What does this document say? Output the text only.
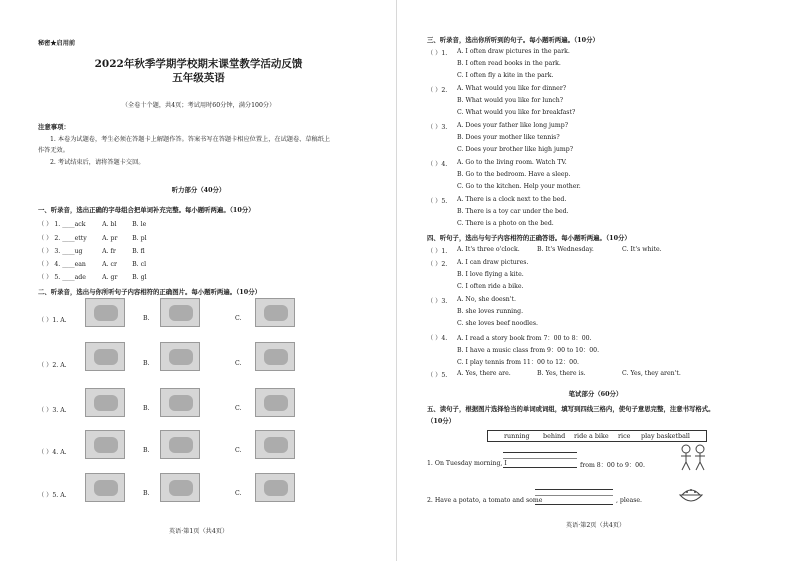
秘密★启用前
2022年秋季学期学校期末课堂教学活动反馈
五年级英语
（全卷十个题，共4页；考试用时60分钟，满分100分）
注意事项：
1. 本卷为试题卷，考生必须在答题卡上解题作答。答案书写在答题卡相应位置上，在试题卷、草稿纸上
作答无效。
2. 考试结束后，请将答题卡交回。
听力部分（40分）
一、听录音，选出正确的字母组合把单词补充完整。每小题听两遍。（10分）
（ ） 1. ____ack	A. bl	B. le
（ ） 2. ____etty A. pr B. pl
（ ） 3. ____ug	A. fr	B. fl
（ ） 4. ____ean	A. cr B. cl
（ ） 5. ____ade	A. gr B. gl
二、听录音，选出与你所听句子内容相符的正确图片。每小题听两遍。（10分）
（ ）1. A.	B.	C.
（ ）2. A.	B.	C.
（ ）3. A.	B.	C.
（ ）4. A.	B.	C.
（ ）5. A.	B.	C.
英语·第1页（共4页）
三、听录音，选出你所听到的句子。每小题听两遍。（10分）
（ ）1. A. I often draw pictures in the park.
B. I often read books in the park.
C. I often fly a kite in the park.
（ ）2. A. What would you like for dinner?
B. What would you like for lunch?
C. What would you like for breakfast?
（ ）3. A. Does your father like long jump?
B. Does your mother like tennis?
C. Does your brother like high jump?
（ ）4. A. Go to the living room. Watch TV.
B. Go to the bedroom. Have a sleep.
C. Go to the kitchen. Help your mother.
（ ）5. A. There is a clock next to the bed.
B. There is a toy car under the bed.
C. There is a photo on the bed.
四、听句子，选出与句子内容相符的正确答语。每小题听两遍。（10分）
（ ）1. A. It's three o'clock.	B. It's Wednesday.	C. It's white.
（ ）2. A. I can draw pictures.
B. I love flying a kite.
C. I often ride a bike.
（ ）3. A. No, she doesn't.
B. she loves running.
C. she loves beef noodles.
（ ）4. A. I read a story book from 7：00 to 8：00.
B. I have a music class from 9：00 to 10：00.
C. I play tennis from 11：00 to 12：00.
（ ）5. A. Yes, there are.	B. Yes, there is.	C. Yes, they aren't.
笔试部分（60分）
五、读句子，根据图片选择恰当的单词或词组，填写到四线三格内，使句子意思完整，注意书写格式。
（10分）
running behind ride a bike rice play basketball
1. On Tuesday morning, I	from 8：00 to 9：00.
2. Have a potato, a tomato and some	, please.
英语·第2页（共4页）
